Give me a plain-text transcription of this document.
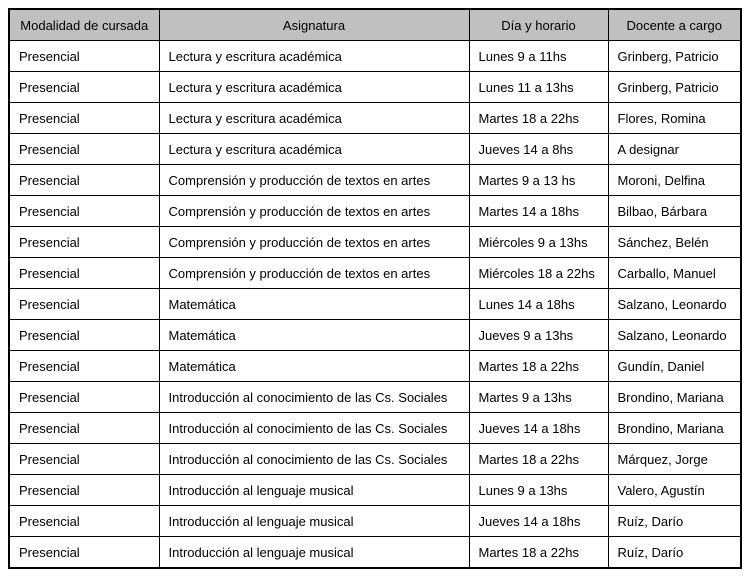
Modalidad de cursada	Asignatura	Día y horario	Docente a cargo
Presencial	Lectura y escritura académica	Lunes 9 a 11hs	Grinberg, Patricio
Presencial	Lectura y escritura académica	Lunes 11 a 13hs	Grinberg, Patricio
Presencial	Lectura y escritura académica	Martes 18 a 22hs	Flores, Romina
Presencial	Lectura y escritura académica	Jueves 14 a 8hs	A designar
Presencial	Comprensión y producción de textos en artes	Martes 9 a 13 hs	Moroni, Delfina
Presencial	Comprensión y producción de textos en artes	Martes 14 a 18hs	Bilbao, Bárbara
Presencial	Comprensión y producción de textos en artes	Miércoles 9 a 13hs	Sánchez, Belén
Presencial	Comprensión y producción de textos en artes	Miércoles 18 a 22hs	Carballo, Manuel
Presencial	Matemática	Lunes 14 a 18hs	Salzano, Leonardo
Presencial	Matemática	Jueves 9 a 13hs	Salzano, Leonardo
Presencial	Matemática	Martes 18 a 22hs	Gundín, Daniel
Presencial	Introducción al conocimiento de las Cs. Sociales	Martes 9 a 13hs	Brondino, Mariana
Presencial	Introducción al conocimiento de las Cs. Sociales	Jueves 14 a 18hs	Brondino, Mariana
Presencial	Introducción al conocimiento de las Cs. Sociales	Martes 18 a 22hs	Márquez, Jorge
Presencial	Introducción al lenguaje musical	Lunes 9 a 13hs	Valero, Agustín
Presencial	Introducción al lenguaje musical	Jueves 14 a 18hs	Ruíz, Darío
Presencial	Introducción al lenguaje musical	Martes 18 a 22hs	Ruíz, Darío
